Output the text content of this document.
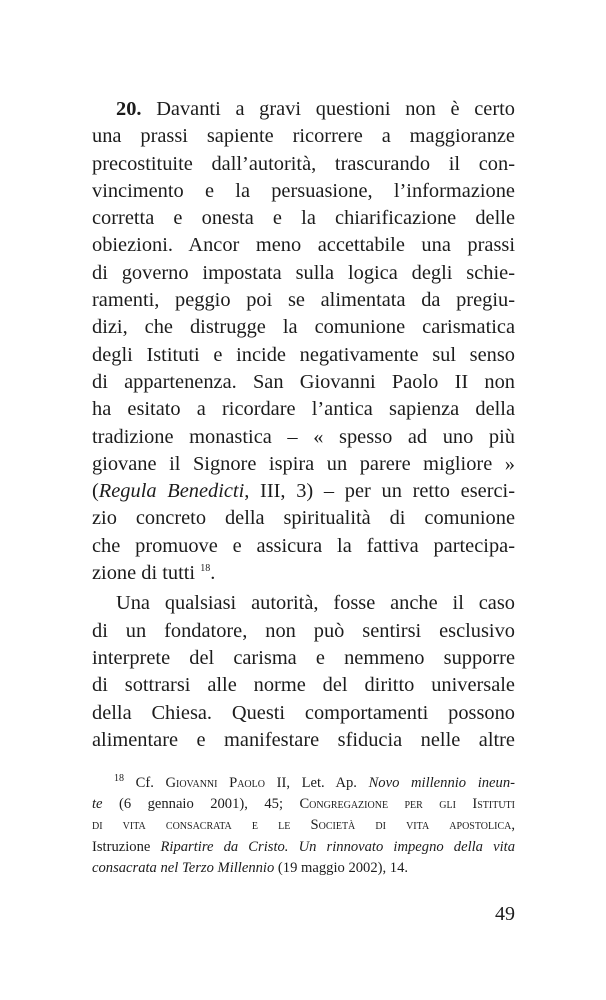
20. Davanti a gravi questioni non è certo
una prassi sapiente ricorrere a maggioranze
precostituite dall’autorità, trascurando il con-
vincimento e la persuasione, l’informazione
corretta e onesta e la chiarificazione delle
obiezioni. Ancor meno accettabile una prassi
di governo impostata sulla logica degli schie-
ramenti, peggio poi se alimentata da pregiu-
dizi, che distrugge la comunione carismatica
degli Istituti e incide negativamente sul senso
di appartenenza. San Giovanni Paolo II non
ha esitato a ricordare l’antica sapienza della
tradizione monastica – « spesso ad uno più
giovane il Signore ispira un parere migliore »
(Regula Benedicti, III, 3) – per un retto eserci-
zio concreto della spiritualità di comunione
che promuove e assicura la fattiva partecipa-
zione di tutti $^{18}$.
Una qualsiasi autorità, fosse anche il caso
di un fondatore, non può sentirsi esclusivo
interprete del carisma e nemmeno supporre
di sottrarsi alle norme del diritto universale
della Chiesa. Questi comportamenti possono
alimentare e manifestare sfiducia nelle altre
$^{18}$ Cf. Giovanni Paolo II, Let. Ap. Novo millennio ineun-
te (6 gennaio 2001), 45; Congregazione per gli Istituti
di vita consacrata e le Società di vita apostolica,
Istruzione Ripartire da Cristo. Un rinnovato impegno della vita
consacrata nel Terzo Millennio (19 maggio 2002), 14.
49
